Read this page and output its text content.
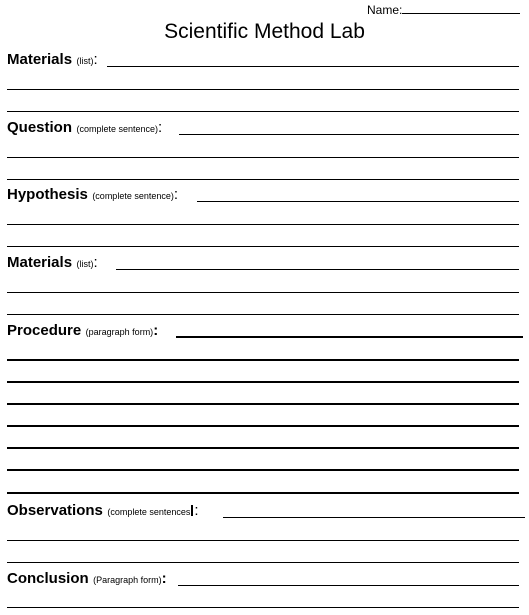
Name:
Scientific Method Lab
Materials (list):
Question (complete sentence):
Hypothesis (complete sentence):
Materials (list):
Procedure (paragraph form):
Observations (complete sentences :
Conclusion (Paragraph form):
